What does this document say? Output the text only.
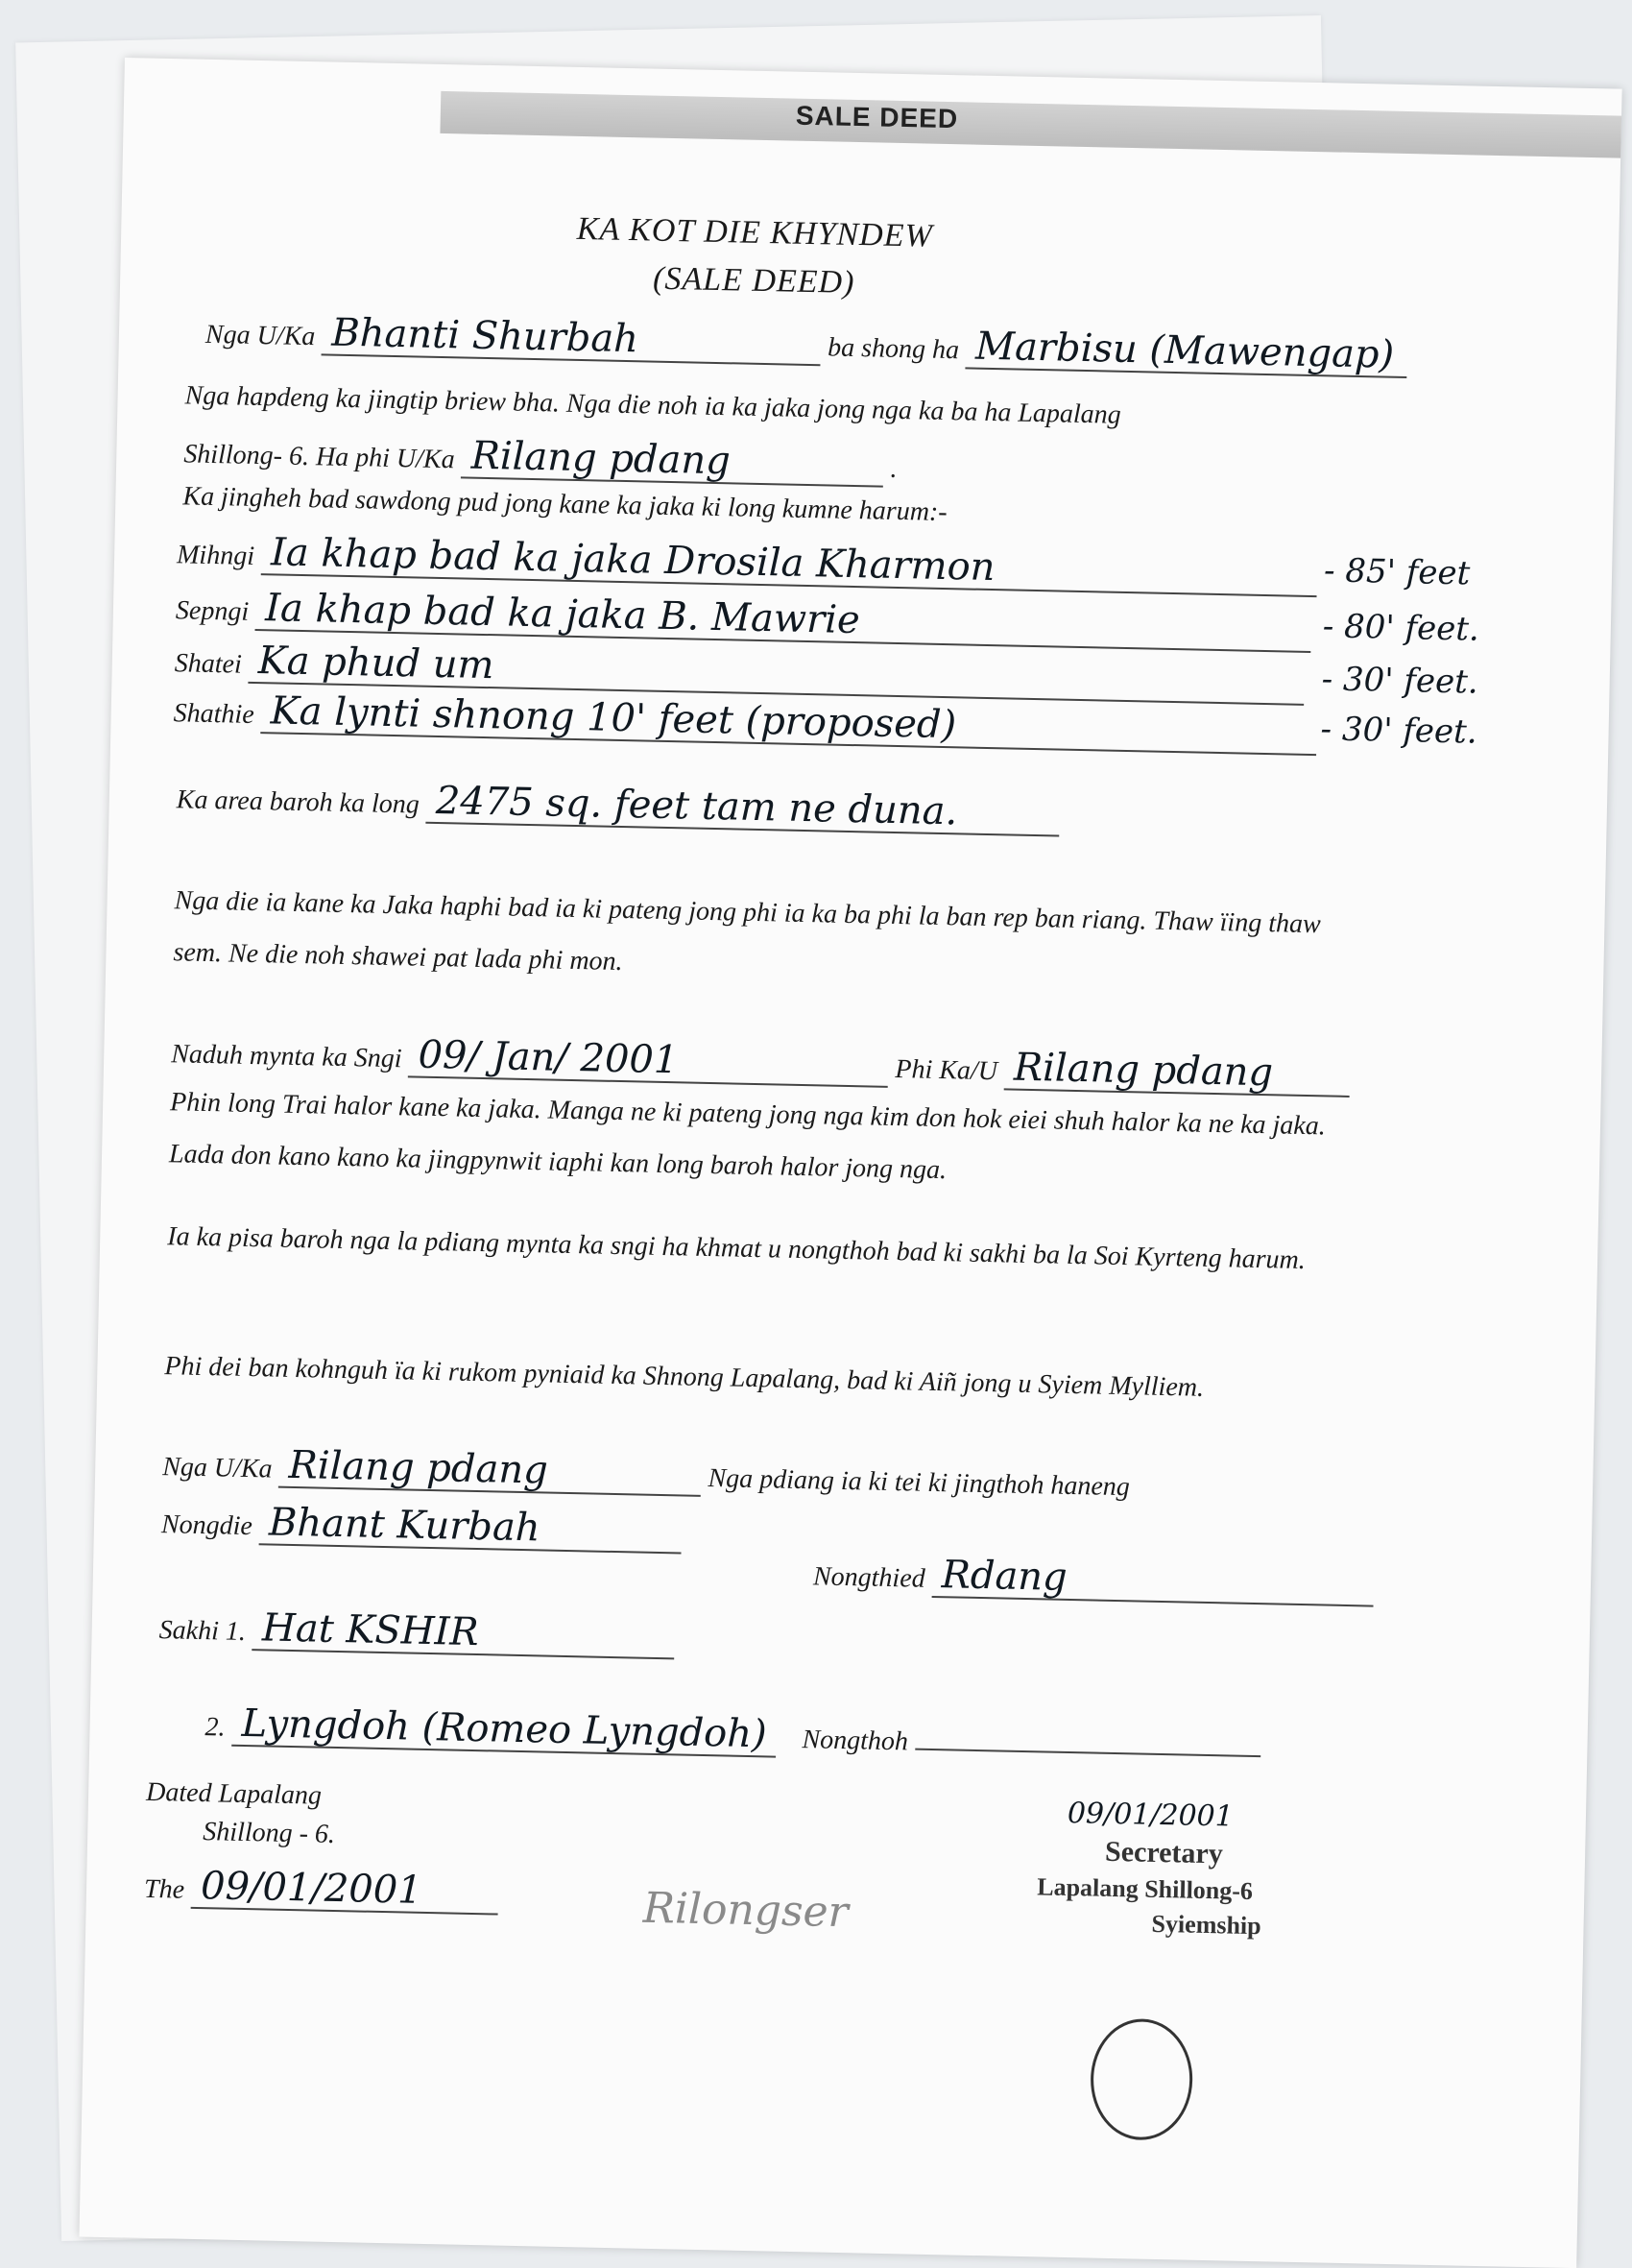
SALE DEED
KA KOT DIE KHYNDEW
(SALE DEED)
Nga U/Ka Bhanti Shurbah	ba shong ha Marbisu (Mawengap)
Nga hapdeng ka jingtip briew bha. Nga die noh ia ka jaka jong nga ka ba ha Lapalang
Shillong- 6. Ha phi U/Ka Rilang pdang	.
Ka jingheh bad sawdong pud jong kane ka jaka ki long kumne harum:-
Mihngi Ia khap bad ka jaka Drosila Kharmon	- 85' feet
Sepngi Ia khap bad ka jaka B. Mawrie	- 80' feet.
Shatei Ka phud um	- 30' feet.
Shathie Ka lynti shnong 10' feet (proposed)	- 30' feet.
Ka area baroh ka long 2475 sq. feet tam ne duna.
Nga die ia kane ka Jaka haphi bad ia ki pateng jong phi ia ka ba phi la ban rep ban riang. Thaw ïing thaw sem. Ne die noh shawei pat lada phi mon.
Naduh mynta ka Sngi 09/ Jan/ 2001	Phi Ka/U Rilang pdang
Phin long Trai halor kane ka jaka. Manga ne ki pateng jong nga kim don hok eiei shuh halor ka ne ka jaka. Lada don kano kano ka jingpynwit iaphi kan long baroh halor jong nga.
Ia ka pisa baroh nga la pdiang mynta ka sngi ha khmat u nongthoh bad ki sakhi ba la Soi Kyrteng harum.
Phi dei ban kohnguh ïa ki rukom pyniaid ka Shnong Lapalang, bad ki Aiñ jong u Syiem Mylliem.
Nga U/Ka Rilang pdang	Nga pdiang ia ki tei ki jingthoh haneng
Nongdie Bhant Kurbah
Nongthied Rdang
Sakhi 1. Hat KSHIR
2. Lyngdoh (Romeo Lyngdoh) Nongthoh
09/01/2001
Dated Lapalang
Shillong - 6.
The 09/01/2001
Secretary
Lapalang Shillong-6
Syiemship
Rilongser
